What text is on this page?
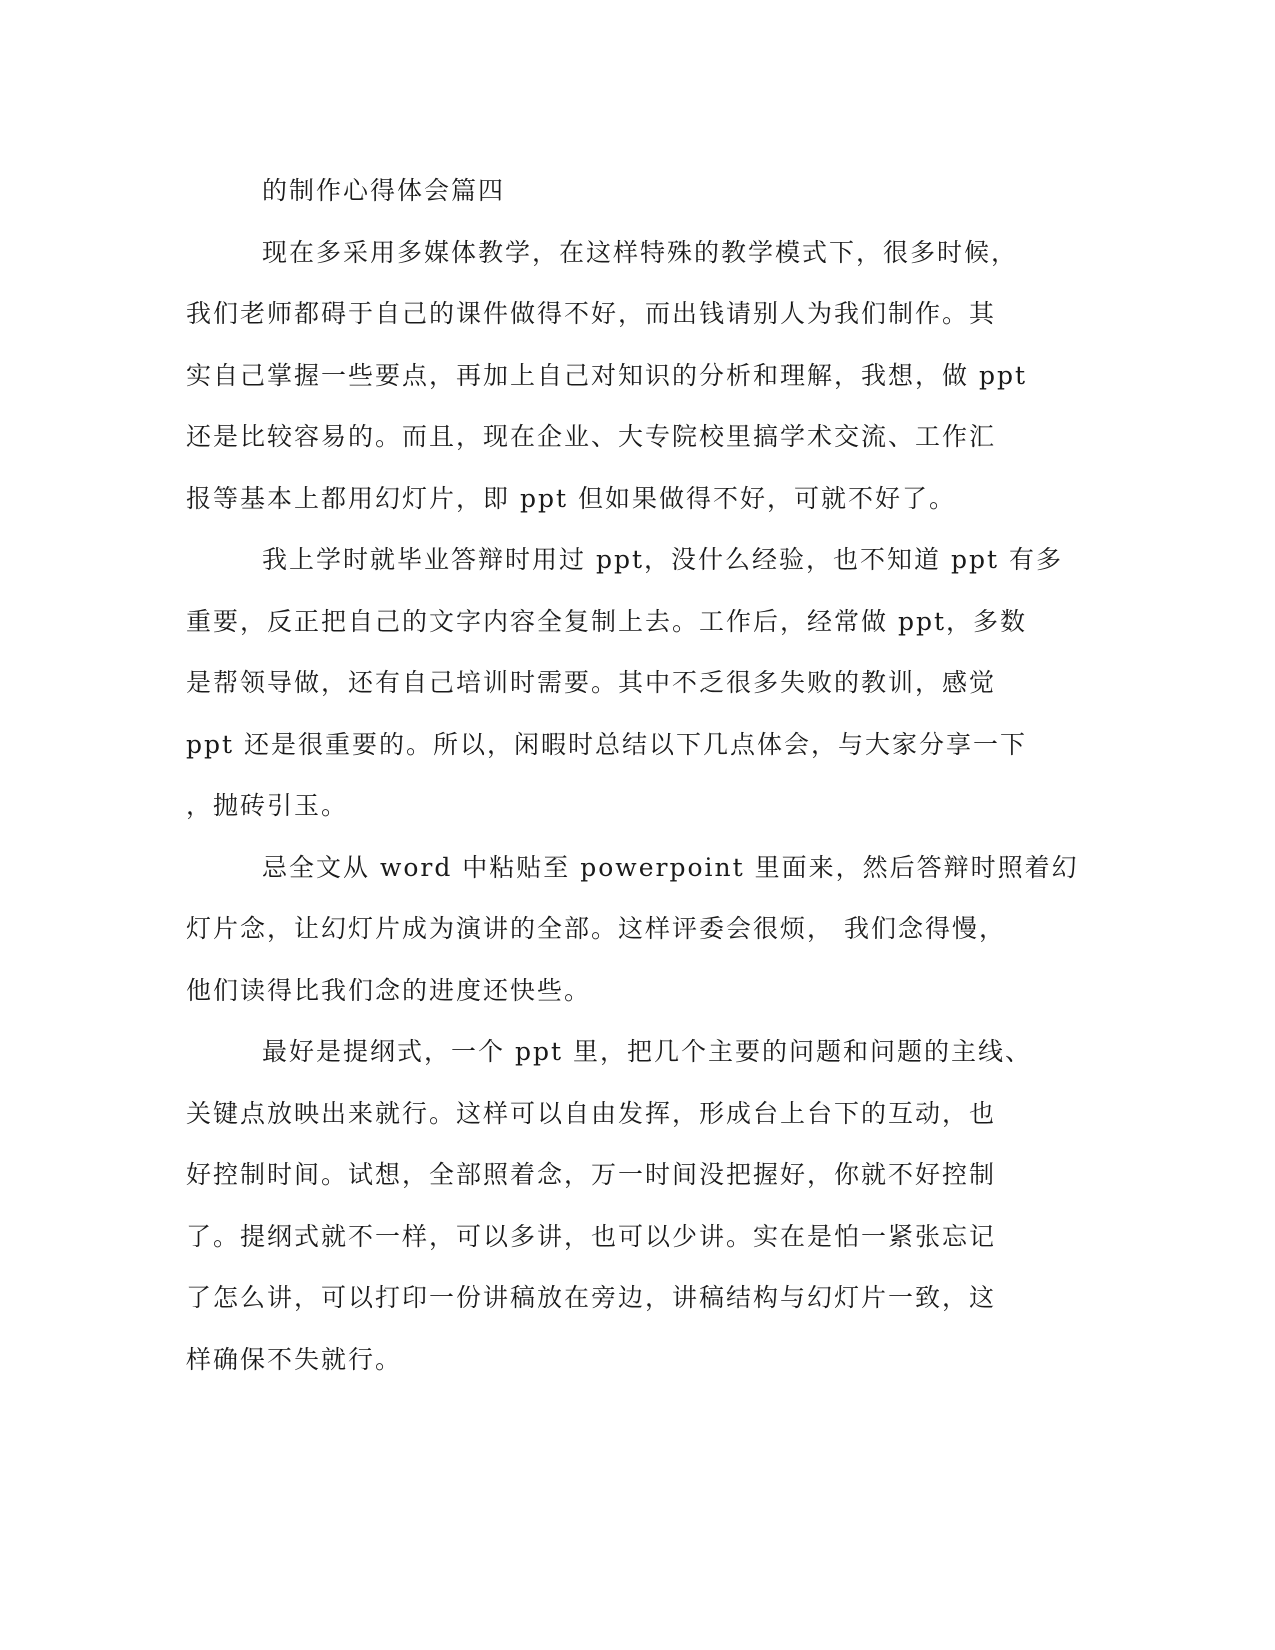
的制作心得体会篇四
现在多采用多媒体教学，在这样特殊的教学模式下，很多时候，
我们老师都碍于自己的课件做得不好，而出钱请别人为我们制作。其
实自己掌握一些要点，再加上自己对知识的分析和理解，我想，做 ppt
还是比较容易的。而且，现在企业、大专院校里搞学术交流、工作汇
报等基本上都用幻灯片，即 ppt 但如果做得不好，可就不好了。
我上学时就毕业答辩时用过 ppt，没什么经验，也不知道 ppt 有多
重要，反正把自己的文字内容全复制上去。工作后，经常做 ppt，多数
是帮领导做，还有自己培训时需要。其中不乏很多失败的教训，感觉
ppt 还是很重要的。所以，闲暇时总结以下几点体会，与大家分享一下
，抛砖引玉。
忌全文从 word 中粘贴至 powerpoint 里面来，然后答辩时照着幻
灯片念，让幻灯片成为演讲的全部。这样评委会很烦， 我们念得慢，
他们读得比我们念的进度还快些。
最好是提纲式，一个 ppt 里，把几个主要的问题和问题的主线、
关键点放映出来就行。这样可以自由发挥，形成台上台下的互动，也
好控制时间。试想，全部照着念，万一时间没把握好，你就不好控制
了。提纲式就不一样，可以多讲，也可以少讲。实在是怕一紧张忘记
了怎么讲，可以打印一份讲稿放在旁边，讲稿结构与幻灯片一致，这
样确保不失就行。
